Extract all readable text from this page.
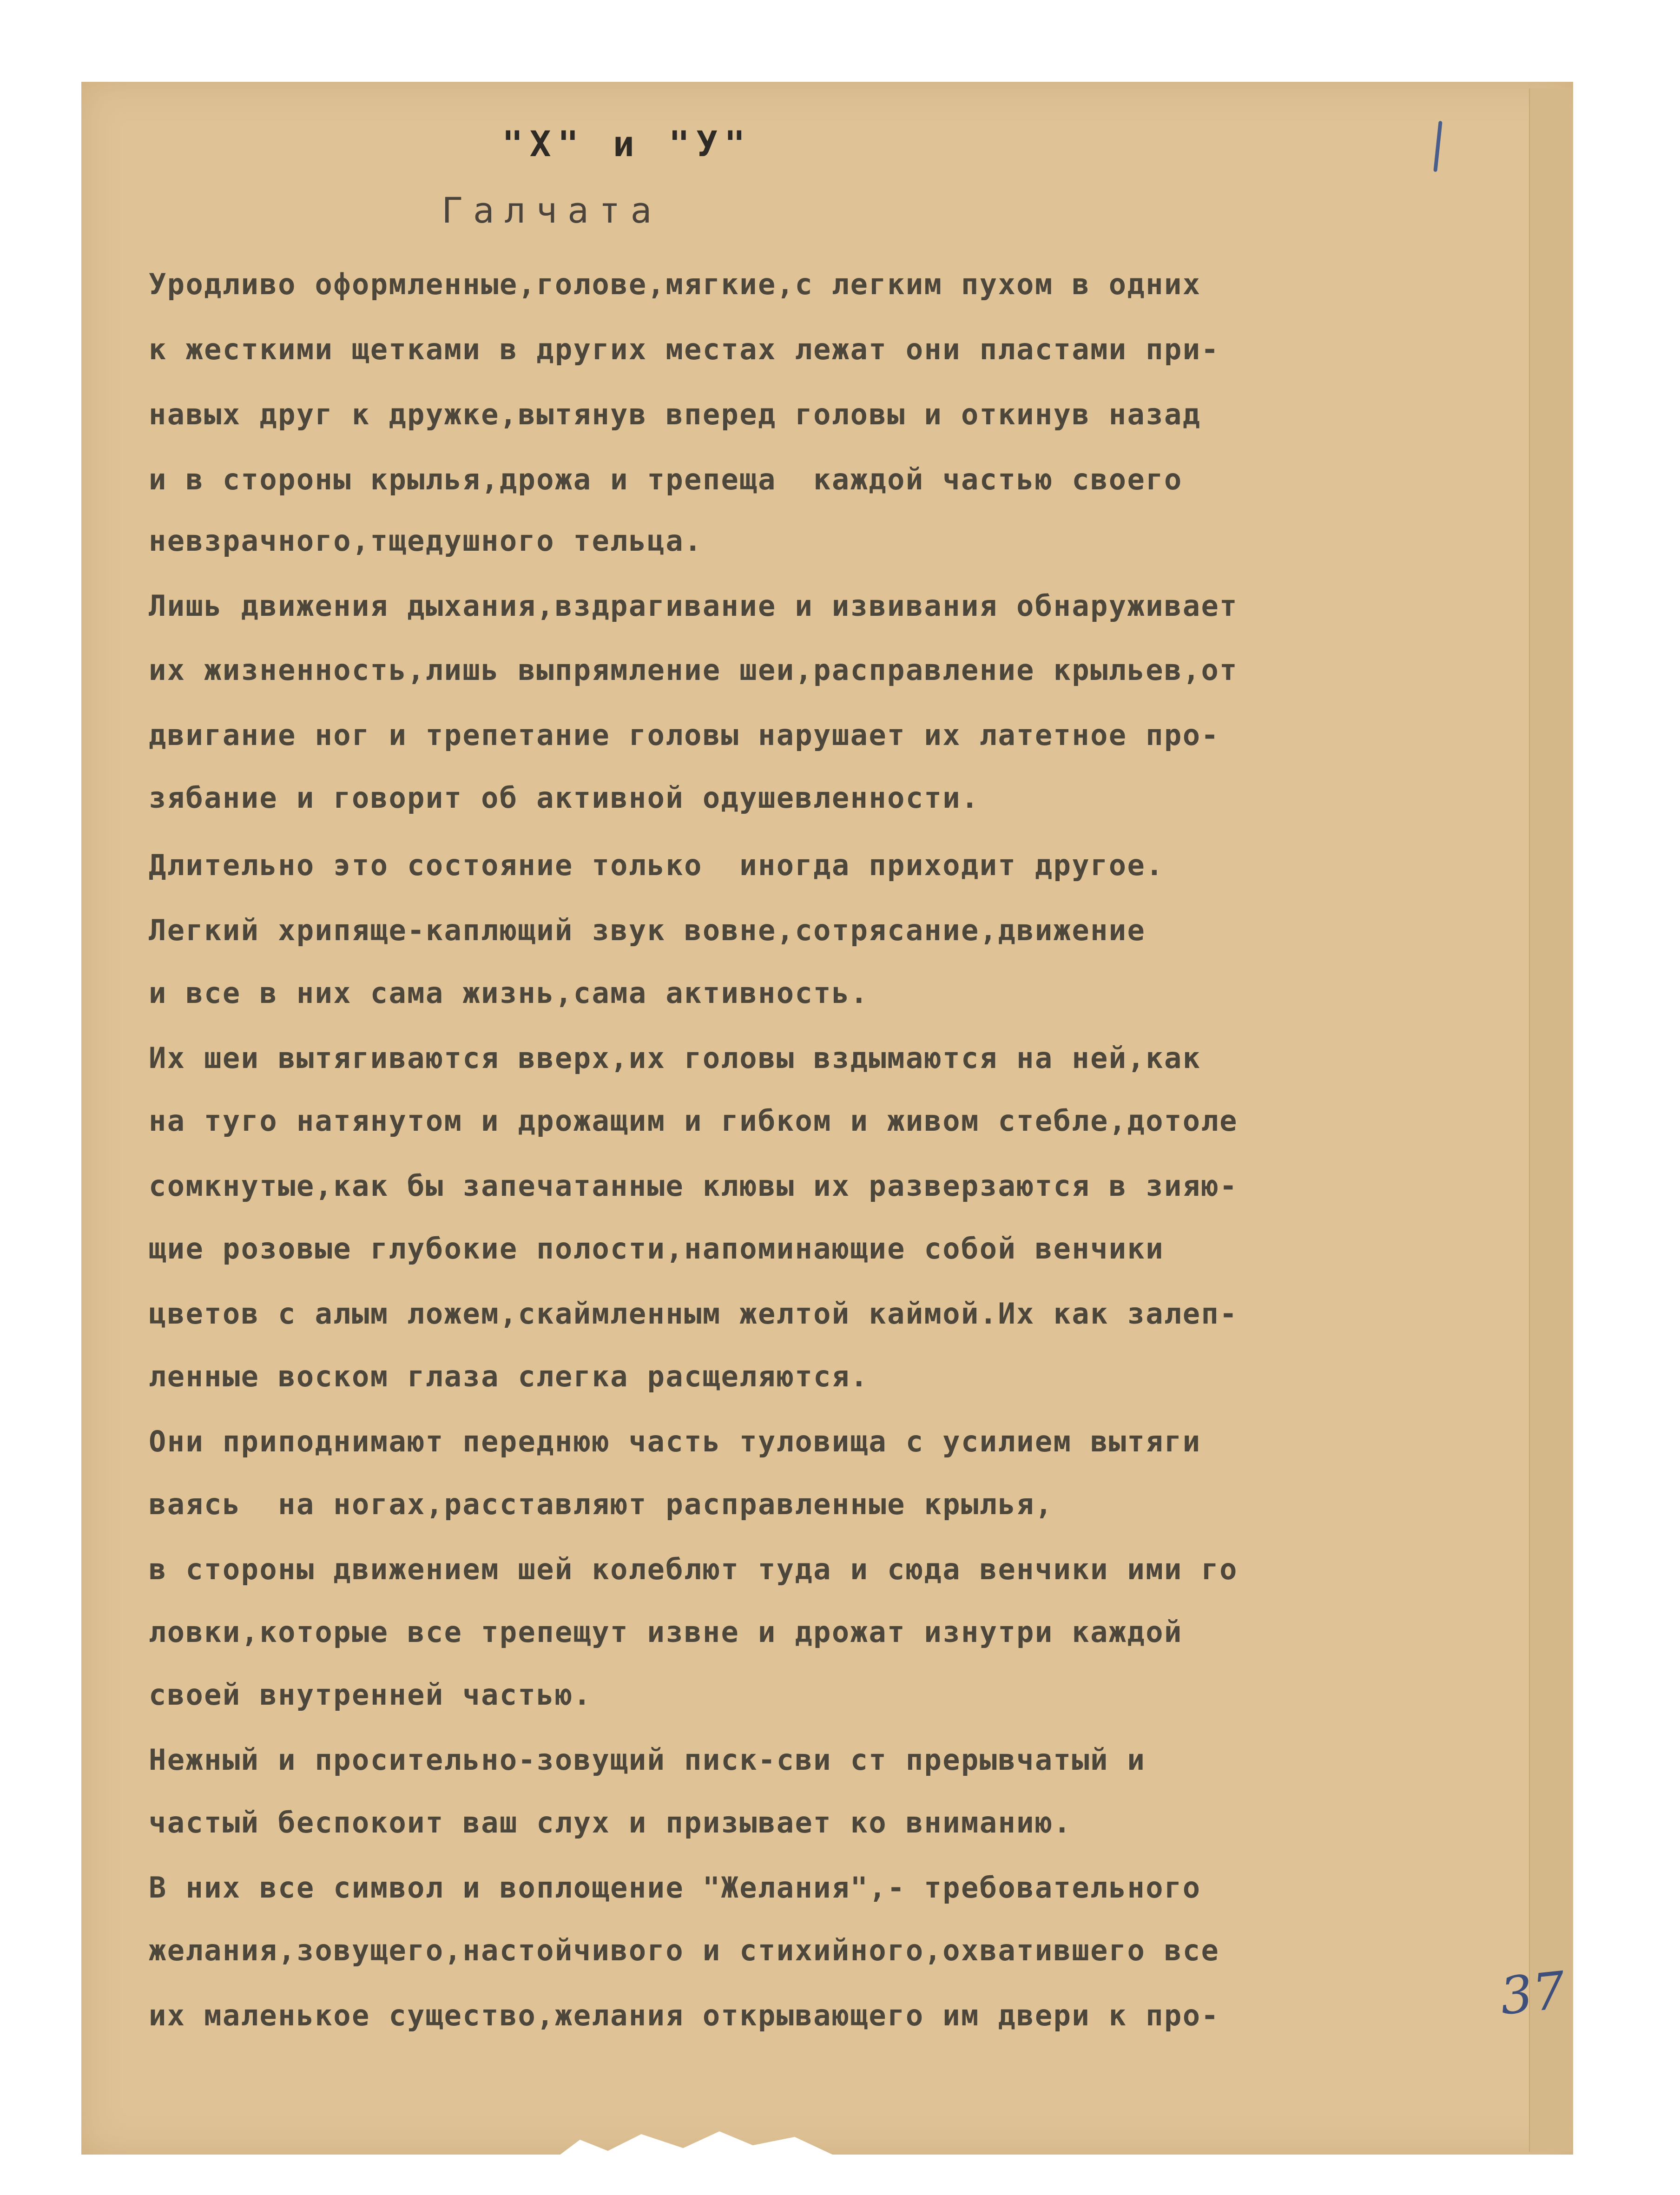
"Х" и "У"
Галчата
Уродливо оформленные,голове,мягкие,с легким пухом в одних
к жесткими щетками в других местах лежат они пластами при-
навых друг к дружке,вытянув вперед головы и откинув назад
и в стороны крылья,дрожа и трепеща  каждой частью своего
невзрачного,тщедушного тельца.
Лишь движения дыхания,вздрагивание и извивания обнаруживает
их жизненность,лишь выпрямление шеи,расправление крыльев,от
двигание ног и трепетание головы нарушает их латетное про-
зябание и говорит об активной одушевленности.
Длительно это состояние только  иногда приходит другое.
Легкий хрипяще-каплющий звук вовне,сотрясание,движение
и все в них сама жизнь,сама активность.
Их шеи вытягиваются вверх,их головы вздымаются на ней,как
на туго натянутом и дрожащим и гибком и живом стебле,дотоле
сомкнутые,как бы запечатанные клювы их разверзаются в зияю-
щие розовые глубокие полости,напоминающие собой венчики
цветов с алым ложем,скаймленным желтой каймой.Их как залеп-
ленные воском глаза слегка расщеляются.
Они приподнимают переднюю часть туловища с усилием вытяги
ваясь  на ногах,расставляют расправленные крылья,
в стороны движением шей колеблют туда и сюда венчики ими го
ловки,которые все трепещут извне и дрожат изнутри каждой
своей внутренней частью.
Нежный и просительно-зовущий писк-сви ст прерывчатый и
частый беспокоит ваш слух и призывает ко вниманию.
В них все символ и воплощение "Желания",- требовательного
желания,зовущего,настойчивого и стихийного,охватившего все
их маленькое существо,желания открывающего им двери к про-	37
